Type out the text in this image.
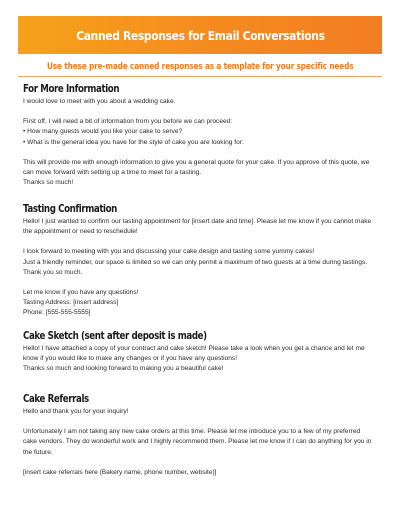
Canned Responses for Email Conversations
Use these pre-made canned responses as a template for your specific needs
For More Information

I would love to meet with you about a wedding cake.

First off, I will need a bit of information from you before we can proceed:

• How many guests would you like your cake to serve?

• What is the general idea you have for the style of cake you are looking for:

This will provide me with enough information to give you a general quote for your cake. If you approve of this quote, we

can move forward with setting up a time to meet for a tasting.

Thanks so much!

Tasting Confirmation

Hello! I just wanted to confirm our tasting appointment for [insert date and time]. Please let me know if you cannot make

the appointment or need to reschedule!

I look forward to meeting with you and discussing your cake design and tasting some yummy cakes!

Just a friendly reminder, our space is limited so we can only permit a maximum of two guests at a time during tastings.

Thank you so much.

Let me know if you have any questions!

Tasting Address: [insert address]

Phone: [555-555-5555]

Cake Sketch (sent after deposit is made)

Hello! I have attached a copy of your contract and cake sketch! Please take a look when you get a chance and let me

know if you would like to make any changes or if you have any questions!

Thanks so much and looking forward to making you a beautiful cake!

Cake Referrals

Hello and thank you for your inquiry!

Unfortunately I am not taking any new cake orders at this time. Please let me introduce you to a few of my preferred

cake vendors. They do wonderful work and I highly recommend them. Please let me know if I can do anything for you in

the future.

[insert cake referrals here (Bakery name, phone number, website)]
